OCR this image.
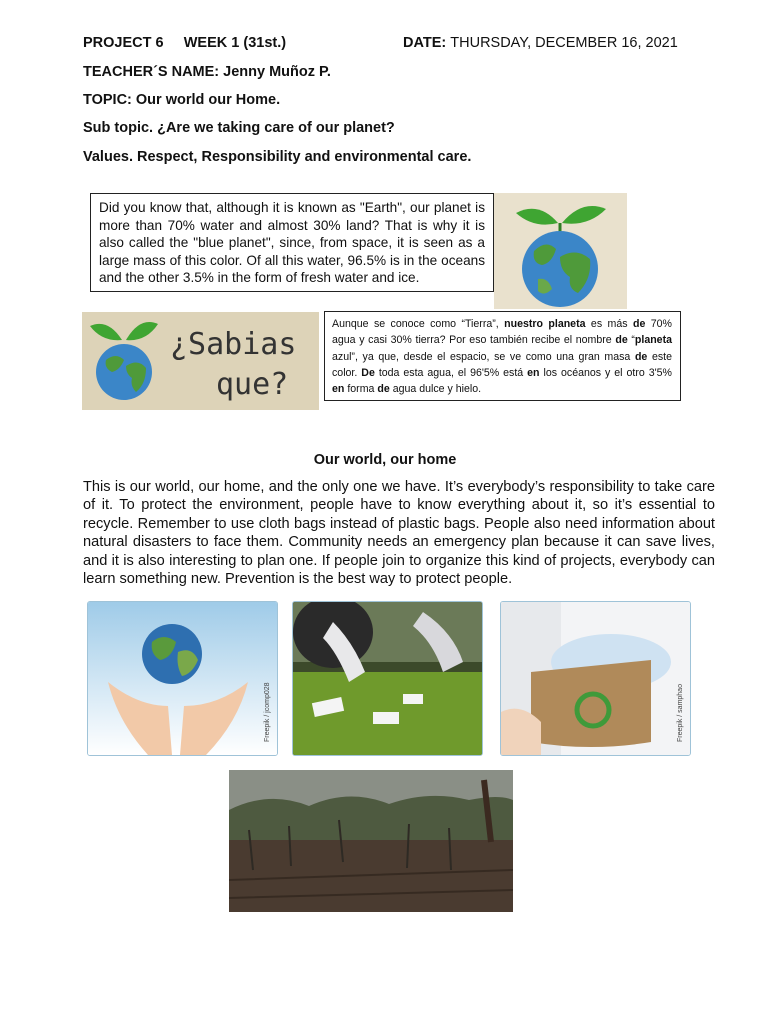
PROJECT 6 WEEK 1 (31st.)	DATE: THURSDAY, DECEMBER 16, 2021
TEACHER´S NAME: Jenny Muñoz P.
TOPIC: Our world our Home.
Sub topic. ¿Are we taking care of our planet?
Values. Respect, Responsibility and environmental care.
Did you know that, although it is known as "Earth", our planet is more than 70% water and almost 30% land? That is why it is also called the "blue planet", since, from space, it is seen as a large mass of this color. Of all this water, 96.5% is in the oceans and the other 3.5% in the form of fresh water and ice.
¿Sabias
que?
Aunque se conoce como “Tierra”, nuestro planeta es más de 70% agua y casi 30% tierra? Por eso también recibe el nombre de “planeta azul”, ya que, desde el espacio, se ve como una gran masa de este color. De toda esta agua, el 96'5% está en los océanos y el otro 3'5% en forma de agua dulce y hielo.
Our world, our home
This is our world, our home, and the only one we have. It’s everybody’s responsibility to take care of it. To protect the environment, people have to know everything about it, so it’s essential to recycle. Remember to use cloth bags instead of plastic bags. People also need information about natural disasters to face them. Community needs an emergency plan because it can save lives, and it is also interesting to plan one. If people join to organize this kind of projects, everybody can learn something new. Prevention is the best way to protect people.
Freepik / jcomp028	Freepik / samphao
